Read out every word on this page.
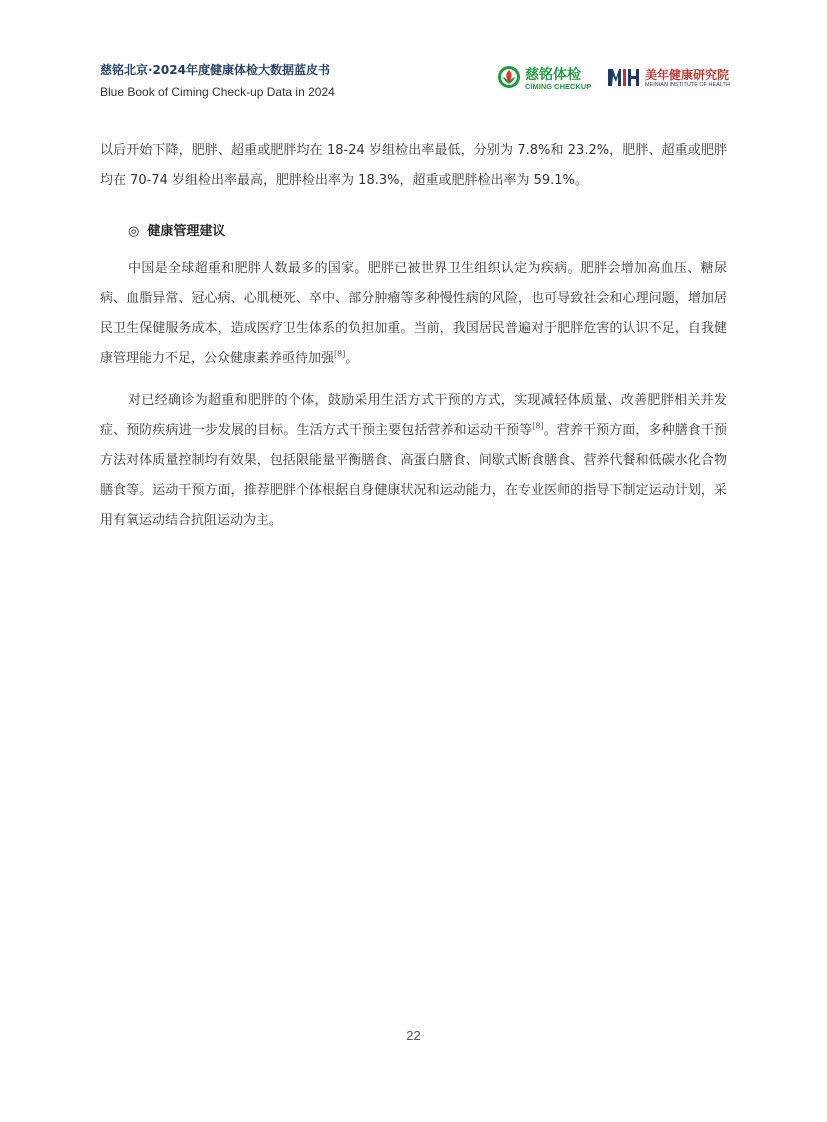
慈铭北京·2024年度健康体检大数据蓝皮书
Blue Book of Ciming Check-up Data in 2024
慈铭体检
CIMING CHECKUP
美年健康研究院
MEINIAN INSTITUTE OF HEALTH

以后开始下降，肥胖、超重或肥胖均在 18-24 岁组检出率最低，分别为 7.8%和 23.2%，肥胖、超重或肥胖均在 70-74 岁组检出率最高，肥胖检出率为 18.3%，超重或肥胖检出率为 59.1%。

◎ 健康管理建议

中国是全球超重和肥胖人数最多的国家。肥胖已被世界卫生组织认定为疾病。肥胖会增加高血压、糖尿病、血脂异常、冠心病、心肌梗死、卒中、部分肿瘤等多种慢性病的风险，也可导致社会和心理问题，增加居民卫生保健服务成本，造成医疗卫生体系的负担加重。当前，我国居民普遍对于肥胖危害的认识不足，自我健康管理能力不足，公众健康素养亟待加强[8]。

对已经确诊为超重和肥胖的个体，鼓励采用生活方式干预的方式，实现减轻体质量、改善肥胖相关并发症、预防疾病进一步发展的目标。生活方式干预主要包括营养和运动干预等[8]。营养干预方面，多种膳食干预方法对体质量控制均有效果，包括限能量平衡膳食、高蛋白膳食、间歇式断食膳食、营养代餐和低碳水化合物膳食等。运动干预方面，推荐肥胖个体根据自身健康状况和运动能力，在专业医师的指导下制定运动计划，采用有氧运动结合抗阻运动为主。

22
